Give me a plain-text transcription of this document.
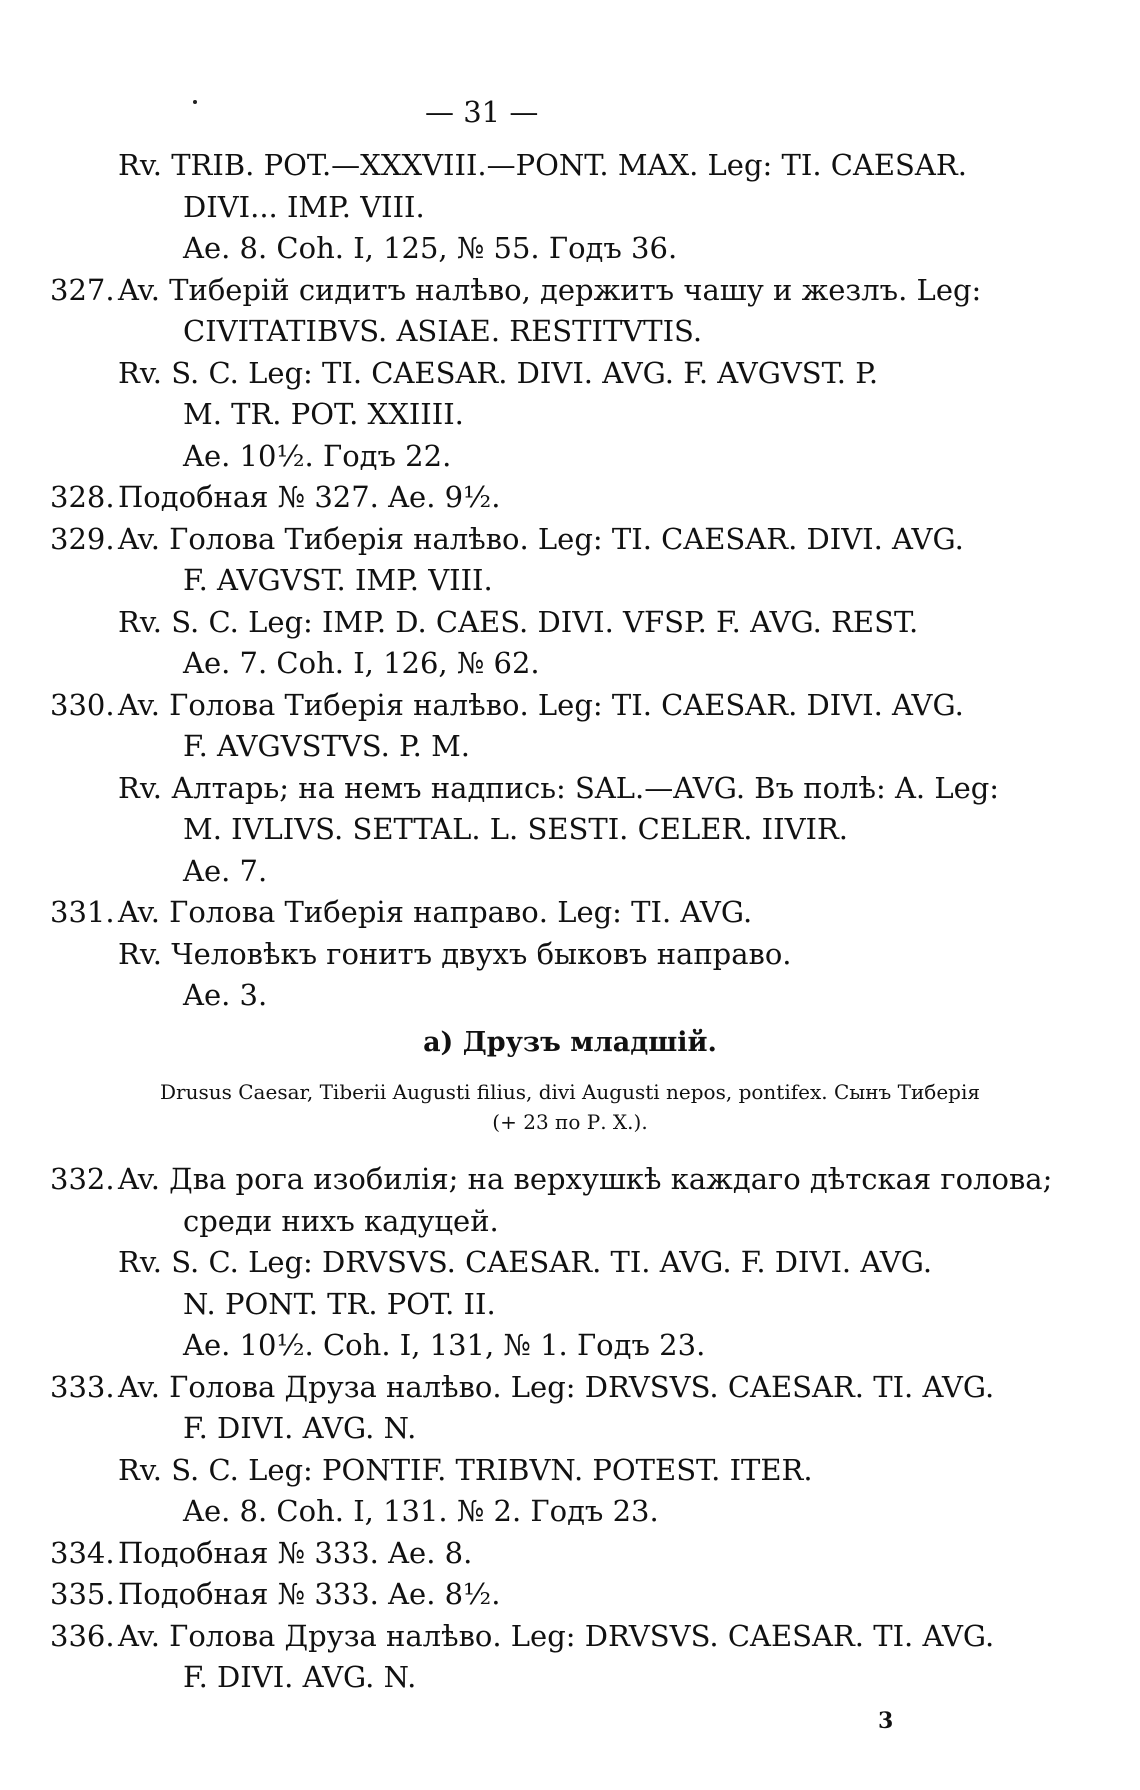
— 31 —
Rv. TRIB. POT.—XXXVIII.—PONT. MAX. Leg: TI. CAESAR.
DIVI... IMP. VIII.
Ae. 8. Coh. I, 125, № 55. Годъ 36.
327. Av. Тиберій сидитъ налѣво, держитъ чашу и жезлъ. Leg:
CIVITATIBVS. ASIAE. RESTITVTIS.
Rv. S. C. Leg: TI. CAESAR. DIVI. AVG. F. AVGVST. P.
M. TR. POT. XXIIII.
Ae. 10½. Годъ 22.
328. Подобная № 327. Ae. 9½.
329. Av. Голова Тиберія налѣво. Leg: TI. CAESAR. DIVI. AVG.
F. AVGVST. IMP. VIII.
Rv. S. C. Leg: IMP. D. CAES. DIVI. VFSP. F. AVG. REST.
Ae. 7. Coh. I, 126, № 62.
330. Av. Голова Тиберія налѣво. Leg: TI. CAESAR. DIVI. AVG.
F. AVGVSTVS. P. M.
Rv. Алтарь; на немъ надпись: SAL.—AVG. Въ полѣ: A. Leg:
M. IVLIVS. SETTAL. L. SESTI. CELER. IIVIR.
Ae. 7.
331. Av. Голова Тиберія направо. Leg: TI. AVG.
Rv. Человѣкъ гонитъ двухъ быковъ направо.
Ae. 3.
а) Друзъ младшій.
Drusus Caesar, Tiberii Augusti filius, divi Augusti nepos, pontifex. Сынъ Тиберія
(+ 23 по Р. Х.).
332. Av. Два рога изобилія; на верхушкѣ каждаго дѣтская голова;
среди нихъ кадуцей.
Rv. S. C. Leg: DRVSVS. CAESAR. TI. AVG. F. DIVI. AVG.
N. PONT. TR. POT. II.
Ae. 10½. Coh. I, 131, № 1. Годъ 23.
333. Av. Голова Друза налѣво. Leg: DRVSVS. CAESAR. TI. AVG.
F. DIVI. AVG. N.
Rv. S. C. Leg: PONTIF. TRIBVN. POTEST. ITER.
Ae. 8. Coh. I, 131. № 2. Годъ 23.
334. Подобная № 333. Ae. 8.
335. Подобная № 333. Ae. 8½.
336. Av. Голова Друза налѣво. Leg: DRVSVS. CAESAR. TI. AVG.
F. DIVI. AVG. N.
3
